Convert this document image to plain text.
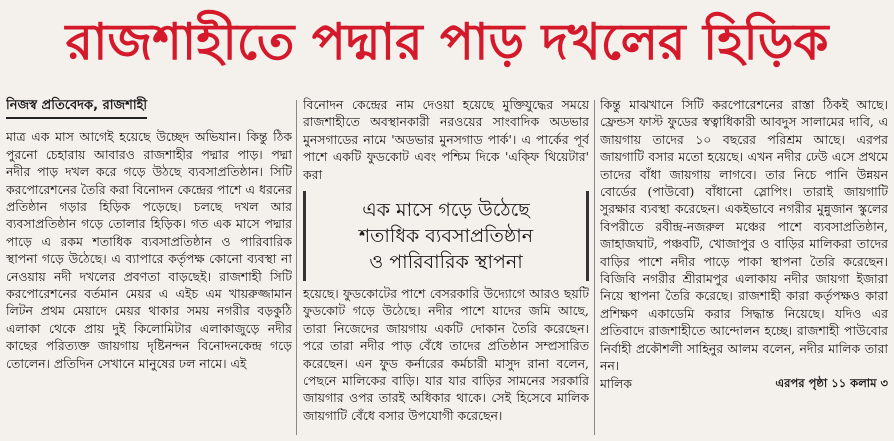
রাজশাহীতে পদ্মার পাড় দখলের হিড়িক
নিজস্ব প্রতিবেদক, রাজশাহী

মাত্র এক মাস আগেই হয়েছে উচ্ছেদ অভিযান। কিন্তু ঠিক পুরনো চেহারায় আবারও রাজশাহীর পদ্মার পাড়। পদ্মা নদীর পাড় দখল করে গড়ে উঠছে ব্যবসাপ্রতিষ্ঠান। সিটি করপোরেশনের তৈরি করা বিনোদন কেন্দ্রের পাশে এ ধরনের প্রতিষ্ঠান গড়ার হিড়িক পড়েছে। চলছে দখল আর ব্যবসাপ্রতিষ্ঠান গড়ে তোলার হিড়িক। গত এক মাসে পদ্মার পাড়ে এ রকম শতাধিক ব্যবসাপ্রতিষ্ঠান ও পারিবারিক স্থাপনা গড়ে উঠেছে। এ ব্যাপারে কর্তৃপক্ষ কোনো ব্যবস্থা না নেওয়ায় নদী দখলের প্রবণতা বাড়ছেই। রাজশাহী সিটি করপোরেশনের বর্তমান মেয়র এ এইচ এম খায়রুজ্জামান লিটন প্রথম মেয়াদে মেয়র থাকার সময় নগরীর বড়কুঠি এলাকা থেকে প্রায় দুই কিলোমিটার এলাকাজুড়ে নদীর কাছের পরিত্যক্ত জায়গায় দৃষ্টিনন্দন বিনোদনকেন্দ্র গড়ে তোলেন। প্রতিদিন সেখানে মানুষের ঢল নামে। এই

বিনোদন কেন্দ্রের নাম দেওয়া হয়েছে মুক্তিযুদ্ধের সময়ে রাজশাহীতে অবস্থানকারী নরওয়ের সাংবাদিক অডভার মুনসগাডের নামে 'অডভার মুনসগাড পার্ক'। এ পার্কের পূর্ব পাশে একটি ফুডকোট এবং পশ্চিম দিকে 'এক্ফি থিয়েটার' করা

এক মাসে গড়ে উঠেছে
শতাধিক ব্যবসাপ্রতিষ্ঠান
ও পারিবারিক স্থাপনা

হয়েছে। ফুডকোটের পাশে বেসরকারি উদ্যোগে আরও ছয়টি ফুডকোট গড়ে উঠেছে। নদীর পাশে যাদের জমি আছে, তারা নিজেদের জায়গায় একটি দোকান তৈরি করেছেন। পরে তারা নদীর পাড় বেঁধে তাদের প্রতিষ্ঠান সম্প্রসারিত করেছেন। এন ফুড কর্নারের কর্মচারী মাসুদ রানা বলেন, পেছনে মালিকের বাড়ি। যার যার বাড়ির সামনের সরকারি জায়গার ওপর তারই অধিকার থাকে। সেই হিসেবে মালিক জায়গাটি বেঁধে বসার উপযোগী করেছেন।

কিন্তু মাঝখানে সিটি করপোরেশনের রাস্তা ঠিকই আছে। ফ্রেন্ডস ফাস্ট ফুডের স্বত্বাধিকারী আবদুস সালামের দাবি, এ জায়গায় তাদের ১০ বছরের পরিশ্রম আছে। এরপর জায়গাটি বসার মতো হয়েছে। এখন নদীর ঢেউ এসে প্রথমে তাদের বাঁধা জায়গায় লাগবে। তার নিচে পানি উন্নয়ন বোর্ডের (পাউবো) বাঁধানো স্লোপিং। তারাই জায়গাটি সুরক্ষার ব্যবস্থা করেছেন। একইভাবে নগরীর মুন্নুজান স্কুলের বিপরীতে রবীন্দ্র-নজরুল মঞ্চের পাশে ব্যবসাপ্রতিষ্ঠান, জাহাজঘাট, পঞ্চবটি, খোজাপুর ও বাড়ির মালিকরা তাদের বাড়ির পাশে নদীর পাড়ে পাকা স্থাপনা তৈরি করেছেন। বিজিবি নগরীর শ্রীরামপুর এলাকায় নদীর জায়গা ইজারা নিয়ে স্থাপনা তৈরি করেছে। রাজশাহী কারা কর্তৃপক্ষও কারা প্রশিক্ষণ একাডেমি করার সিদ্ধান্ত নিয়েছে। যদিও এর প্রতিবাদে রাজশাহীতে আন্দোলন হচ্ছে। রাজশাহী পাউবোর নির্বাহী প্রকৌশলী সাহিনুর আলম বলেন, নদীর মালিক তারা নন।

মালিক	এরপর পৃষ্ঠা ১১ কলাম ৩
